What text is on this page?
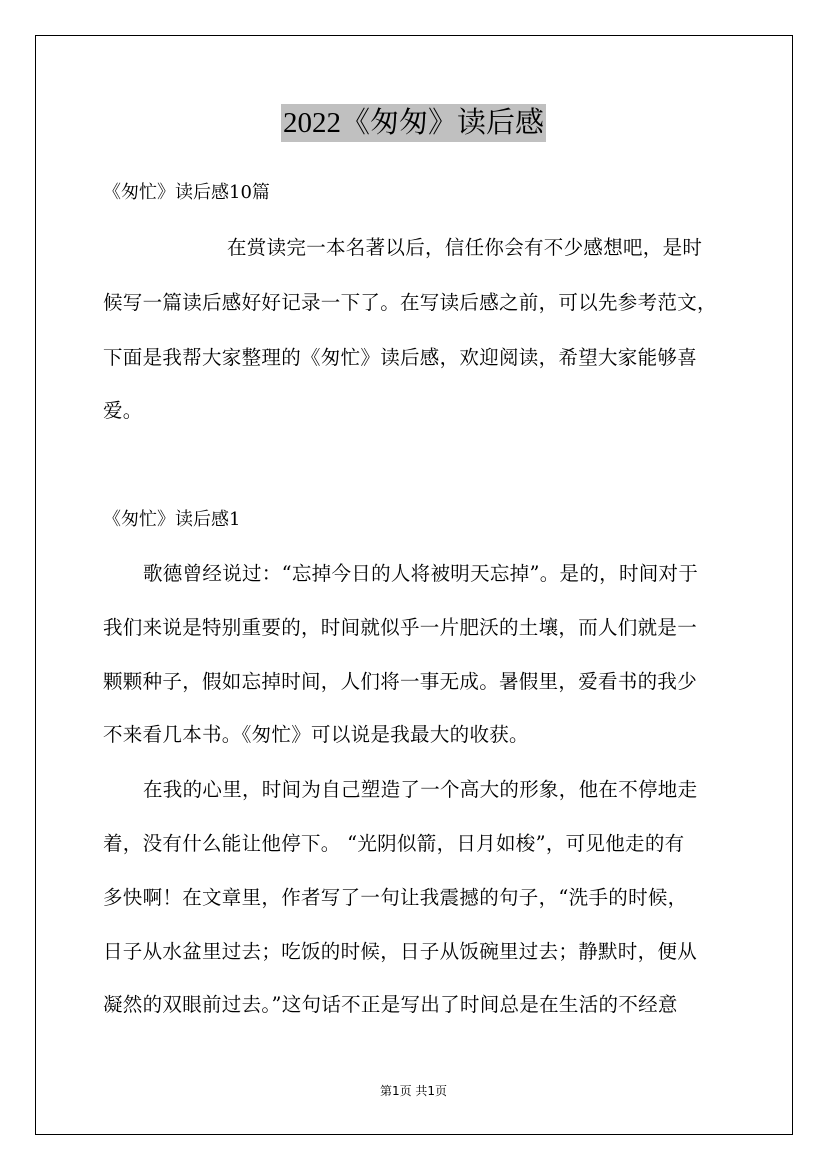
2022《匆匆》读后感
《匆忙》读后感10篇
在赏读完一本名著以后，信任你会有不少感想吧，是时
候写一篇读后感好好记录一下了。在写读后感之前，可以先参考范文，
下面是我帮大家整理的《匆忙》读后感，欢迎阅读，希望大家能够喜
爱。
《匆忙》读后感1
歌德曾经说过：“忘掉今日的人将被明天忘掉”。是的，时间对于
我们来说是特别重要的，时间就似乎一片肥沃的土壤，而人们就是一
颗颗种子，假如忘掉时间，人们将一事无成。暑假里，爱看书的我少
不来看几本书。《匆忙》可以说是我最大的收获。
在我的心里，时间为自己塑造了一个高大的形象，他在不停地走
着，没有什么能让他停下。 “光阴似箭，日月如梭”，可见他走的有
多快啊！在文章里，作者写了一句让我震撼的句子，“洗手的时候，
日子从水盆里过去；吃饭的时候，日子从饭碗里过去；静默时，便从
凝然的双眼前过去。”这句话不正是写出了时间总是在生活的不经意
第1页 共1页
